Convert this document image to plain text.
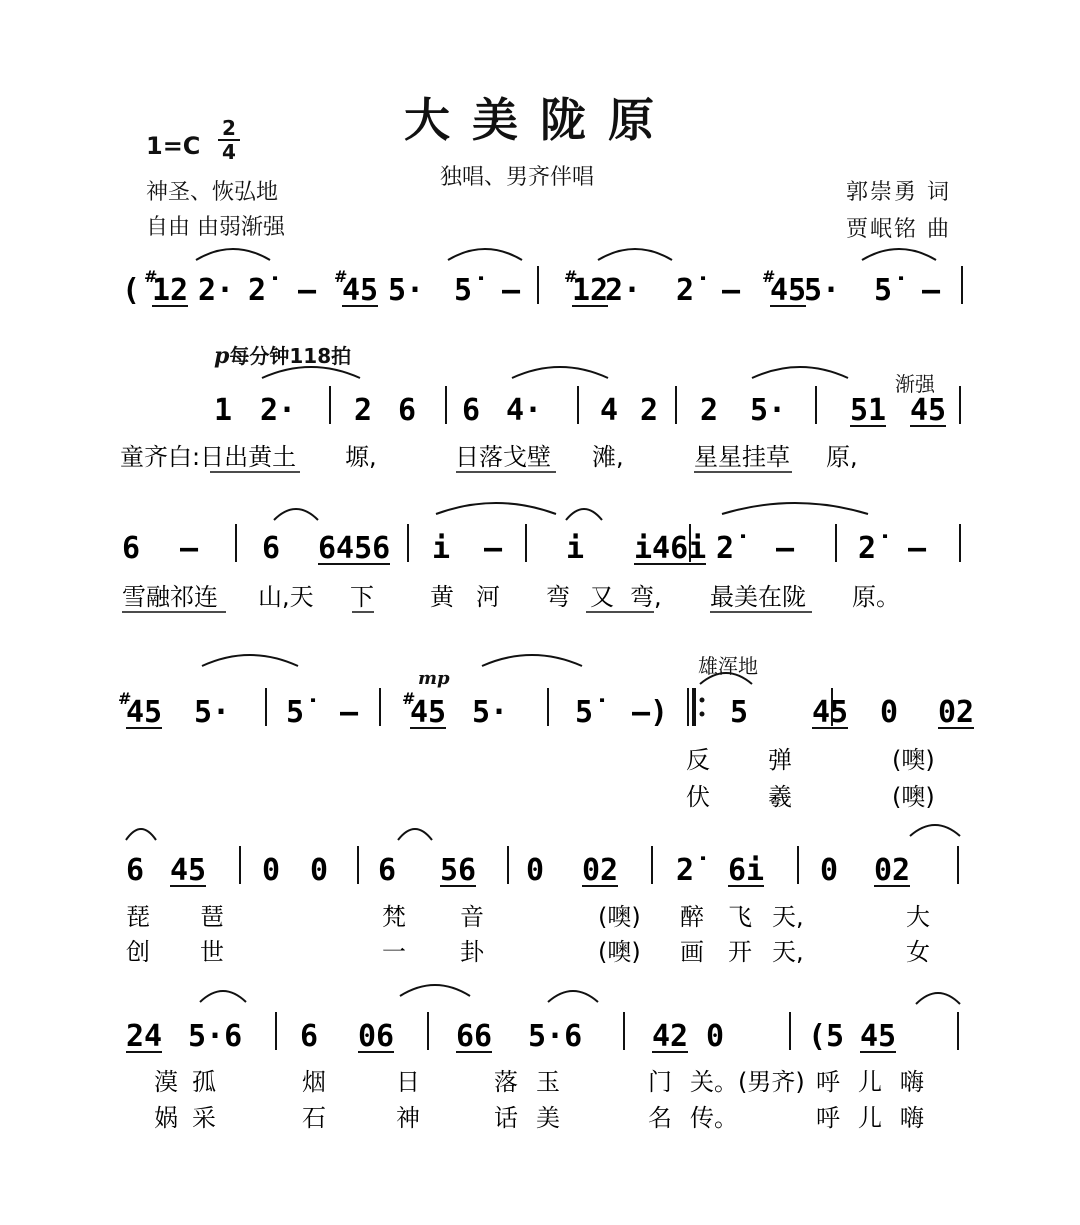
大美陇原
1=C
2
4
独唱、男齐伴唱
神圣、恢弘地
自由 由弱渐强
郭崇勇 词
贾岷铭 曲
p每分钟118拍
渐强
雄浑地
mp
( #
12 2· 2̇	– #
45 5· 5̇ –	#
12
2· 2̇ – #
45
5· 5̇ –
1 2· 2 6 6 4· 4 2 2 5· 51 45
童齐白:日出黄土 塬,	日落戈壁 滩,	星星挂草 原,
6 – 6 6456 i – i i46i 2̇	– 2̇	–
雪融祁连 山,天 下 黄 河 弯 又 弯, 最美在陇 原。
#
45 5· 5̇	–	#
45 5· 5̇	–) 5 45 0 02
反 弹	(噢)
伏 羲	(噢)
6 45 0 0 6 56 0 02 2̇	6i 0 02
琵 琶	梵 音	(噢) 醉 飞 天,	大
创 世	一 卦	(噢) 画 开 天,	女
24 5·6 6 06 66 5·6 42 0	(5 45
漠 孤	烟	日	落 玉	门 关。(男齐) 呼 儿 嗨
娲 采	石	神	话 美	名 传。	呼 儿 嗨
